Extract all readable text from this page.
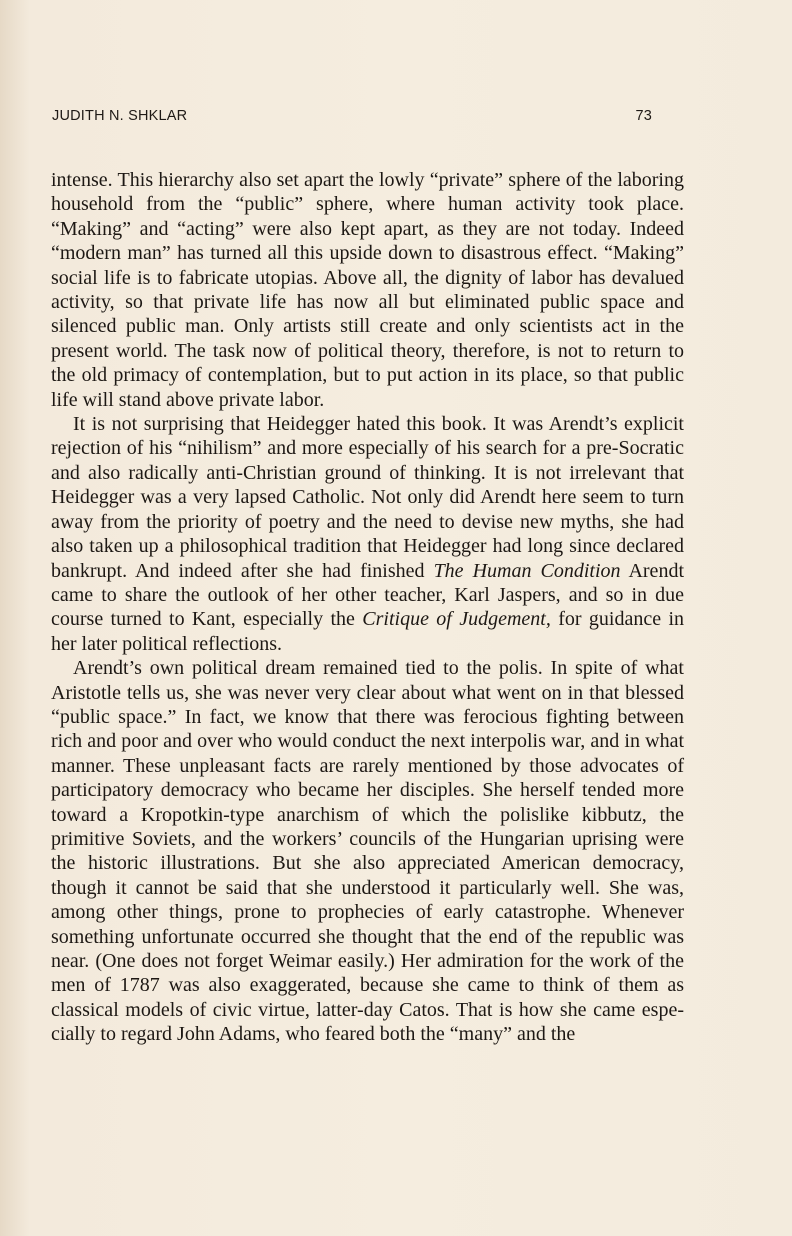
JUDITH N. SHKLAR	73

intense. This hierarchy also set apart the lowly “private” sphere of the laboring household from the “public” sphere, where human activity took place. “Making” and “acting” were also kept apart, as they are not today. Indeed “modern man” has turned all this upside down to disastrous effect. “Making” social life is to fabricate utopias. Above all, the dignity of labor has devalued activity, so that private life has now all but eliminated public space and silenced public man. Only artists still create and only scientists act in the present world. The task now of political theory, therefore, is not to return to the old primacy of contemplation, but to put action in its place, so that public life will stand above private labor.

It is not surprising that Heidegger hated this book. It was Arendt’s explicit rejection of his “nihilism” and more especially of his search for a pre-Socratic and also radically anti-Christian ground of thinking. It is not irrelevant that Heidegger was a very lapsed Catholic. Not only did Arendt here seem to turn away from the priority of poetry and the need to devise new myths, she had also taken up a philosophical tradition that Heidegger had long since declared bankrupt. And indeed after she had finished The Human Condition Arendt came to share the outlook of her other teacher, Karl Jaspers, and so in due course turned to Kant, especially the Critique of Judgement, for guidance in her later political reflections.

Arendt’s own political dream remained tied to the polis. In spite of what Aristotle tells us, she was never very clear about what went on in that blessed “public space.” In fact, we know that there was ferocious fighting between rich and poor and over who would conduct the next interpolis war, and in what manner. These unpleasant facts are rarely mentioned by those advocates of participatory democracy who became her disciples. She herself tended more toward a Kropotkin-type anarchism of which the polislike kibbutz, the primitive Soviets, and the workers’ councils of the Hungarian uprising were the historic illustrations. But she also appreciated American democracy, though it cannot be said that she understood it particularly well. She was, among other things, prone to prophecies of early catastrophe. Whenever something unfortunate occurred she thought that the end of the republic was near. (One does not forget Weimar easily.) Her admiration for the work of the men of 1787 was also exaggerated, because she came to think of them as classical models of civic virtue, latter-day Catos. That is how she came especially to regard John Adams, who feared both the “many” and the
